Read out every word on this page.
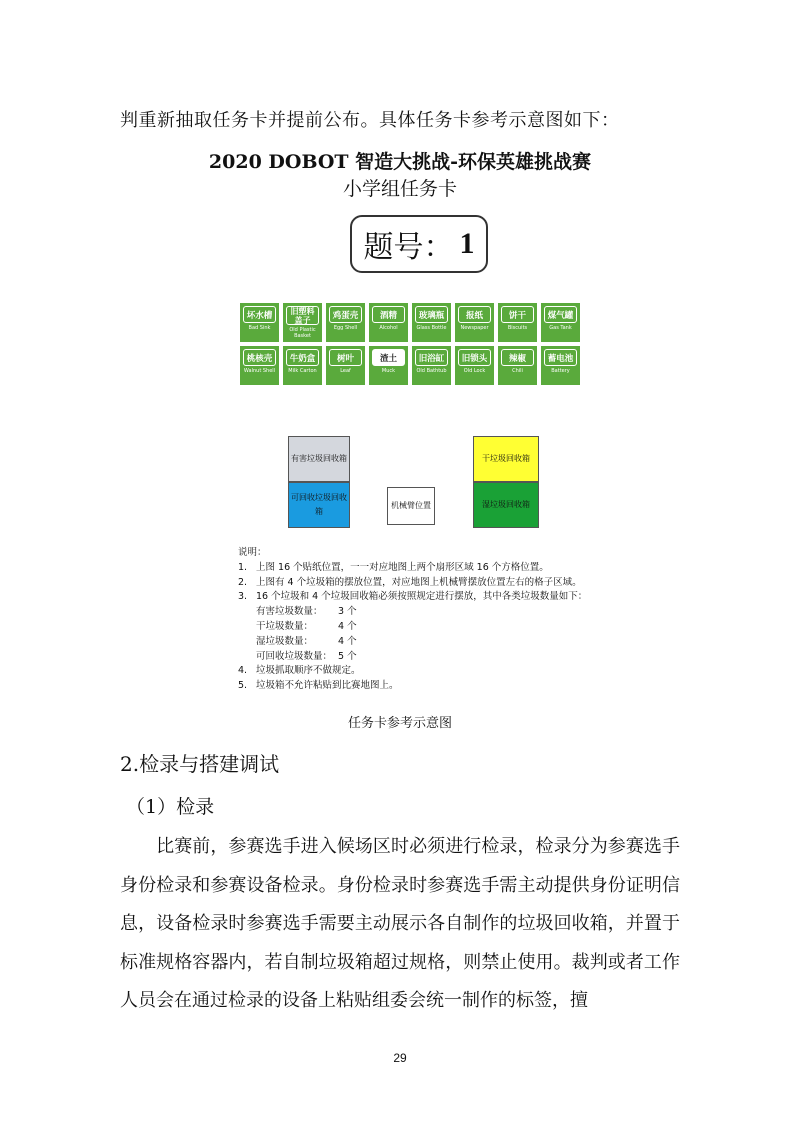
判重新抽取任务卡并提前公布。具体任务卡参考示意图如下：
2020 DOBOT 智造大挑战-环保英雄挑战赛
小学组任务卡
题号： 1
坏水槽
Bad Sink
旧塑料盖子
Old Plastic Basket
鸡蛋壳
Egg Shell
酒精
Alcohol
玻璃瓶
Glass Bottle
报纸
Newspaper
饼干
Biscuits
煤气罐
Gas Tank
桃核壳
Walnut Shell
牛奶盒
Milk Carton
树叶
Leaf
渣土
Muck
旧浴缸
Old Bathtub
旧锁头
Old Lock
辣椒
Chili
蓄电池
Battery
有害垃圾回收箱
可回收垃圾回收箱
机械臂位置
干垃圾回收箱
湿垃圾回收箱
说明：
1. 上图 16 个贴纸位置，一一对应地图上两个扇形区域 16 个方格位置。
2. 上图有 4 个垃圾箱的摆放位置，对应地图上机械臂摆放位置左右的格子区域。
3. 16 个垃圾和 4 个垃圾回收箱必须按照规定进行摆放，其中各类垃圾数量如下：
有害垃圾数量： 3 个
干垃圾数量：	4 个
湿垃圾数量：	4 个
可回收垃圾数量： 5 个
4. 垃圾抓取顺序不做规定。
5. 垃圾箱不允许粘贴到比赛地图上。
任务卡参考示意图
2.检录与搭建调试
（1）检录

　　比赛前，参赛选手进入候场区时必须进行检录，检录分为参赛选手身份检录和参赛设备检录。身份检录时参赛选手需主动提供身份证明信息，设备检录时参赛选手需要主动展示各自制作的垃圾回收箱，并置于标准规格容器内，若自制垃圾箱超过规格，则禁止使用。裁判或者工作人员会在通过检录的设备上粘贴组委会统一制作的标签，擅

29
